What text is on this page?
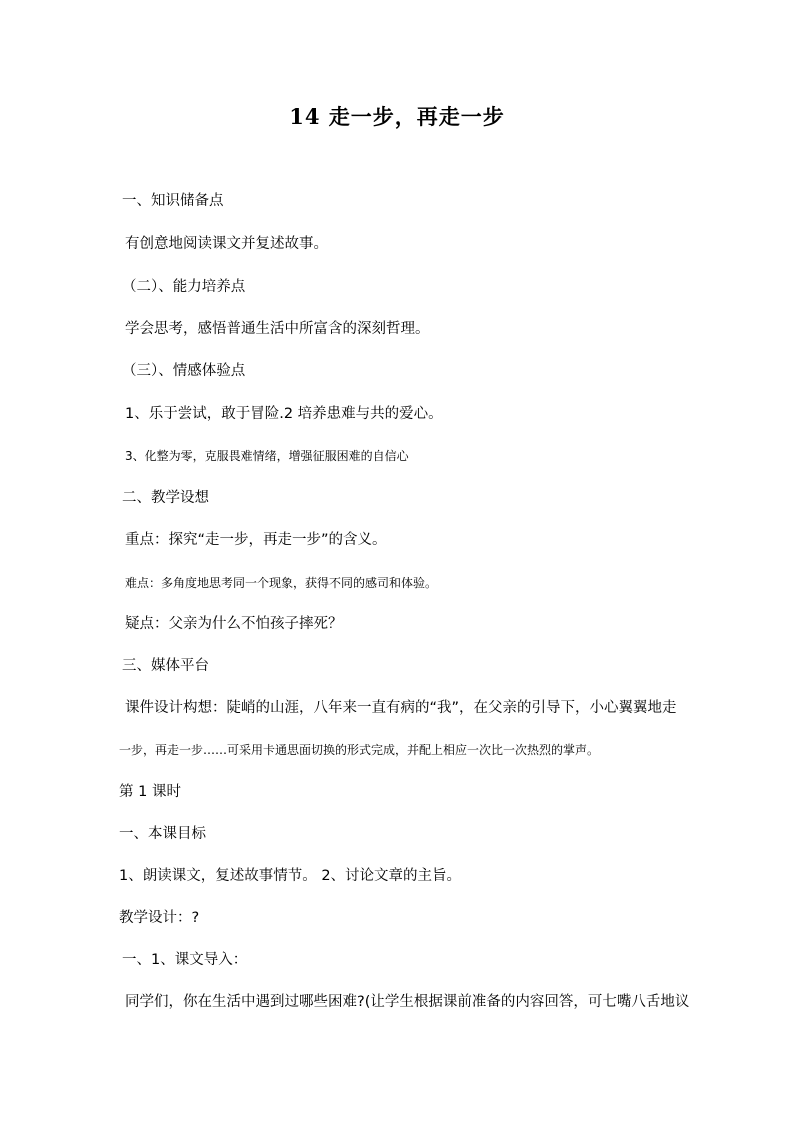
14 走一步，再走一步
一、知识储备点
有创意地阅读课文并复述故事。
（二）、能力培养点
学会思考，感悟普通生活中所富含的深刻哲理。
（三）、情感体验点
1、乐于尝试，敢于冒险.2 培养患难与共的爱心。
3、化整为零，克服畏难情绪，增强征服困难的自信心
二、教学设想
重点：探究“走一步，再走一步”的含义。
难点：多角度地思考同一个现象，获得不同的感司和体验。
疑点：父亲为什么不怕孩子摔死？
三、媒体平台
课件设计构想：陡峭的山涯，八年来一直有病的“我”，在父亲的引导下，小心翼翼地走
一步，再走一步……可采用卡通思面切换的形式完成，并配上相应一次比一次热烈的掌声。
第 1 课时
一、本课目标
1、朗读课文，复述故事情节。 2、讨论文章的主旨。
教学设计：?
一、1、课文导入：
同学们，你在生活中遇到过哪些困难?(让学生根据课前准备的内容回答，可七嘴八舌地议
